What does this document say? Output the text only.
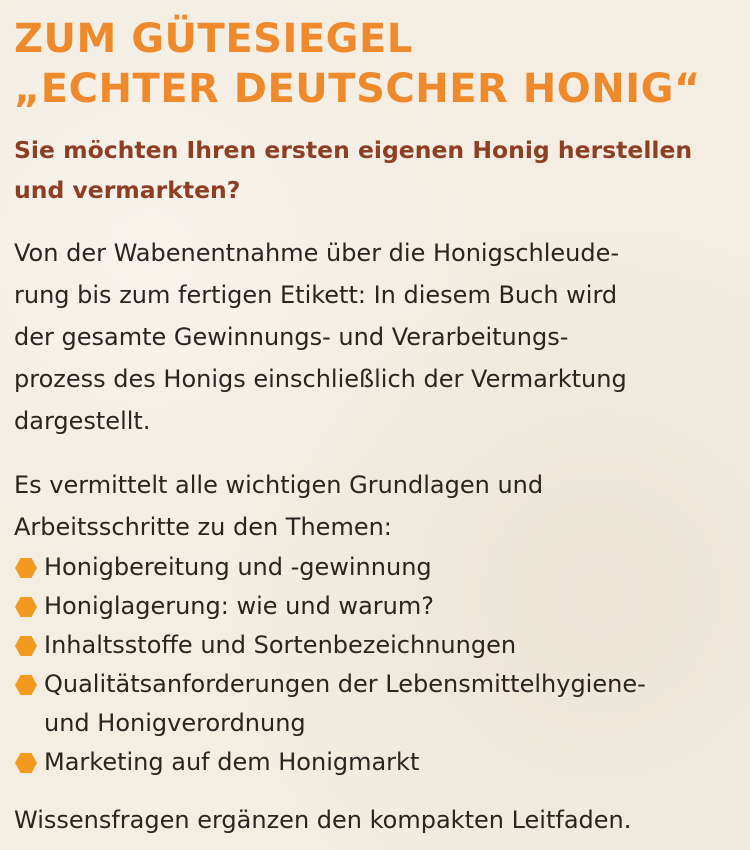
ZUM GÜTESIEGEL
„ECHTER DEUTSCHER HONIG“
Sie möchten Ihren ersten eigenen Honig herstellen
und vermarkten?

Von der Wabenentnahme über die Honigschleude-
rung bis zum fertigen Etikett: In diesem Buch wird
der gesamte Gewinnungs- und Verarbeitungs-
prozess des Honigs einschließlich der Vermarktung
dargestellt.

Es vermittelt alle wichtigen Grundlagen und
Arbeitsschritte zu den Themen:
Honigbereitung und -gewinnung
Honiglagerung: wie und warum?
Inhaltsstoffe und Sortenbezeichnungen
Qualitätsanforderungen der Lebensmittelhygiene-
und Honigverordnung
Marketing auf dem Honigmarkt

Wissensfragen ergänzen den kompakten Leitfaden.
